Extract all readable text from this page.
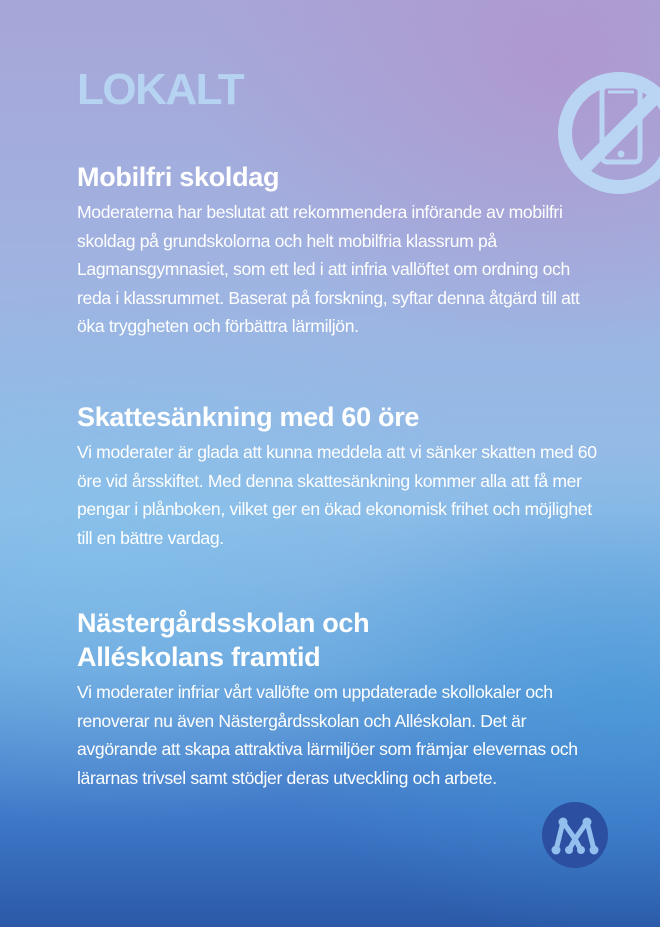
LOKALT
Mobilfri skoldag

Moderaterna har beslutat att rekommendera införande av mobilfri skoldag på grundskolorna och helt mobilfria klassrum på Lagmansgymnasiet, som ett led i att infria vallöftet om ordning och reda i klassrummet. Baserat på forskning, syftar denna åtgärd till att öka tryggheten och förbättra lärmiljön.

Skattesänkning med 60 öre

Vi moderater är glada att kunna meddela att vi sänker skatten med 60 öre vid årsskiftet. Med denna skattesänkning kommer alla att få mer pengar i plånboken, vilket ger en ökad ekonomisk frihet och möjlighet till en bättre vardag.

Nästergårdsskolan och
Alléskolans framtid

Vi moderater infriar vårt vallöfte om uppdaterade skollokaler och renoverar nu även Nästergårdsskolan och Alléskolan. Det är avgörande att skapa attraktiva lärmiljöer som främjar elevernas och lärarnas trivsel samt stödjer deras utveckling och arbete.
